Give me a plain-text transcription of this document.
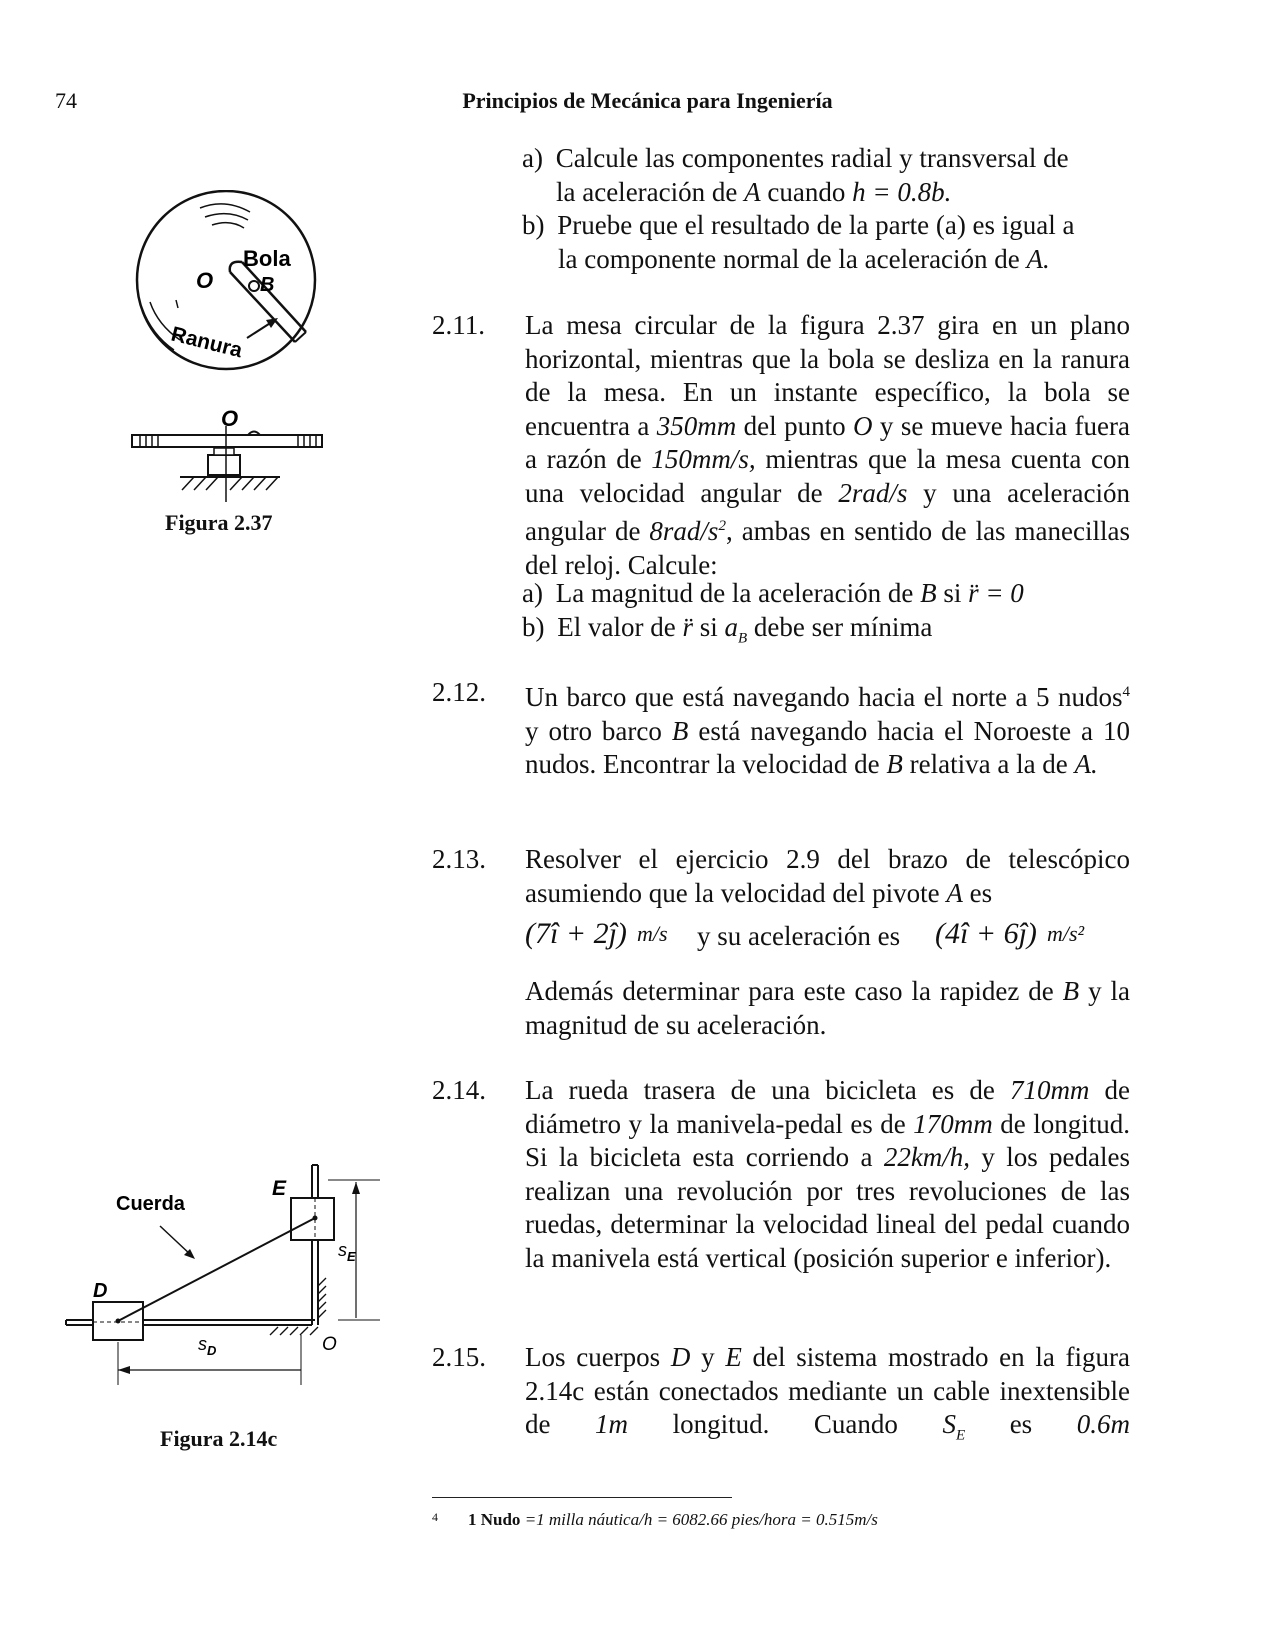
74	Principios de Mecánica para Ingeniería
a) Calcule las componentes radial y transversal de
la aceleración de A cuando h = 0.8b.
b) Pruebe que el resultado de la parte (a) es igual a
la componente normal de la aceleración de A.
2.11. La mesa circular de la figura 2.37 gira en un plano horizontal, mientras que la bola se desliza en la ranura de la mesa. En un instante específico, la bola se encuentra a 350mm del punto O y se mueve hacia fuera a razón de 150mm/s, mientras que la mesa cuenta con una velocidad angular de 2rad/s y una aceleración angular de $8rad/s^2$, ambas en sentido de las manecillas del reloj. Calcule:
a) La magnitud de la aceleración de B si r̈ = 0
b) El valor de r̈ si $a_B$ debe ser mínima
2.12. Un barco que está navegando hacia el norte a 5 nudos$^4$ y otro barco B está navegando hacia el Noroeste a 10 nudos. Encontrar la velocidad de B relativa a la de A.
2.13. Resolver el ejercicio 2.9 del brazo de telescópico asumiendo que la velocidad del pivote A es
(7î + 2ĵ) m/s y su aceleración es (4î + 6ĵ) m/s²
Además determinar para este caso la rapidez de B y la magnitud de su aceleración.
2.14. La rueda trasera de una bicicleta es de 710mm de diámetro y la manivela-pedal es de 170mm de longitud. Si la bicicleta esta corriendo a 22km/h, y los pedales realizan una revolución por tres revoluciones de las ruedas, determinar la velocidad lineal del pedal cuando la manivela está vertical (posición superior e inferior).
2.15. Los cuerpos D y E del sistema mostrado en la figura 2.14c están conectados mediante un cable inextensible de 1m longitud. Cuando $S_E$ es 0.6m
Bola
O B
Ranura
O
Figura 2.37
E
Cuerda
D
s E
s D	O
Figura 2.14c
$^4$ 1 Nudo =1 milla náutica/h = 6082.66 pies/hora = 0.515m/s
